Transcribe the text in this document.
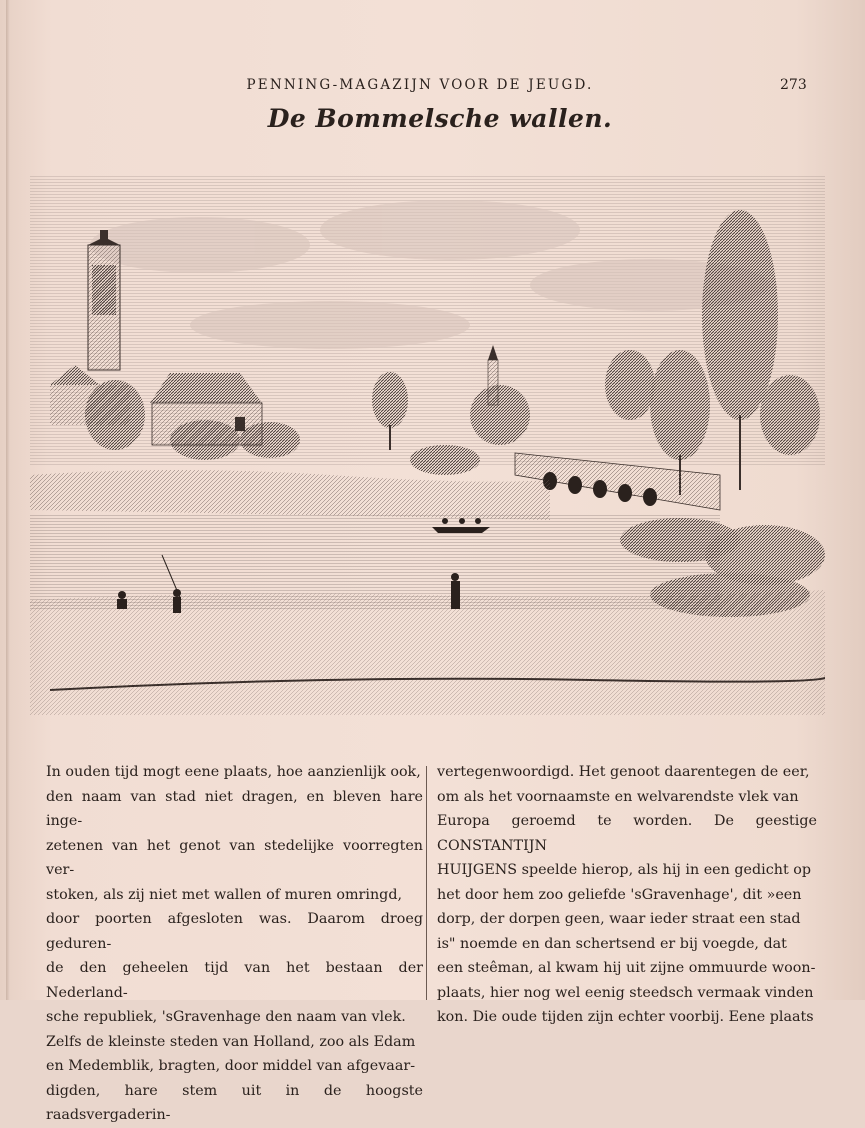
PENNING-MAGAZIJN VOOR DE JEUGD.	273
De Bommelsche wallen.

In ouden tijd mogt eene plaats, hoe aanzienlijk ook,

den naam van stad niet dragen, en bleven hare inge-

zetenen van het genot van stedelijke voorregten ver-

stoken, als zij niet met wallen of muren omringd,

door poorten afgesloten was. Daarom droeg geduren-

de den geheelen tijd van het bestaan der Nederland-

sche republiek, 'sGravenhage den naam van vlek.

Zelfs de kleinste steden van Holland, zoo als Edam

en Medemblik, bragten, door middel van afgevaar-

digden, hare stem uit in de hoogste raadsvergaderin-

vertegenwoordigd. Het genoot daarentegen de eer,

om als het voornaamste en welvarendste vlek van

Europa geroemd te worden. De geestige CONSTANTIJN

HUIJGENS speelde hierop, als hij in een gedicht op

het door hem zoo geliefde 'sGravenhage', dit »een

dorp, der dorpen geen, waar ieder straat een stad

is" noemde en dan schertsend er bij voegde, dat

een steêman, al kwam hij uit zijne ommuurde woon-

plaats, hier nog wel eenig steedsch vermaak vinden

kon. Die oude tijden zijn echter voorbij. Eene plaats
